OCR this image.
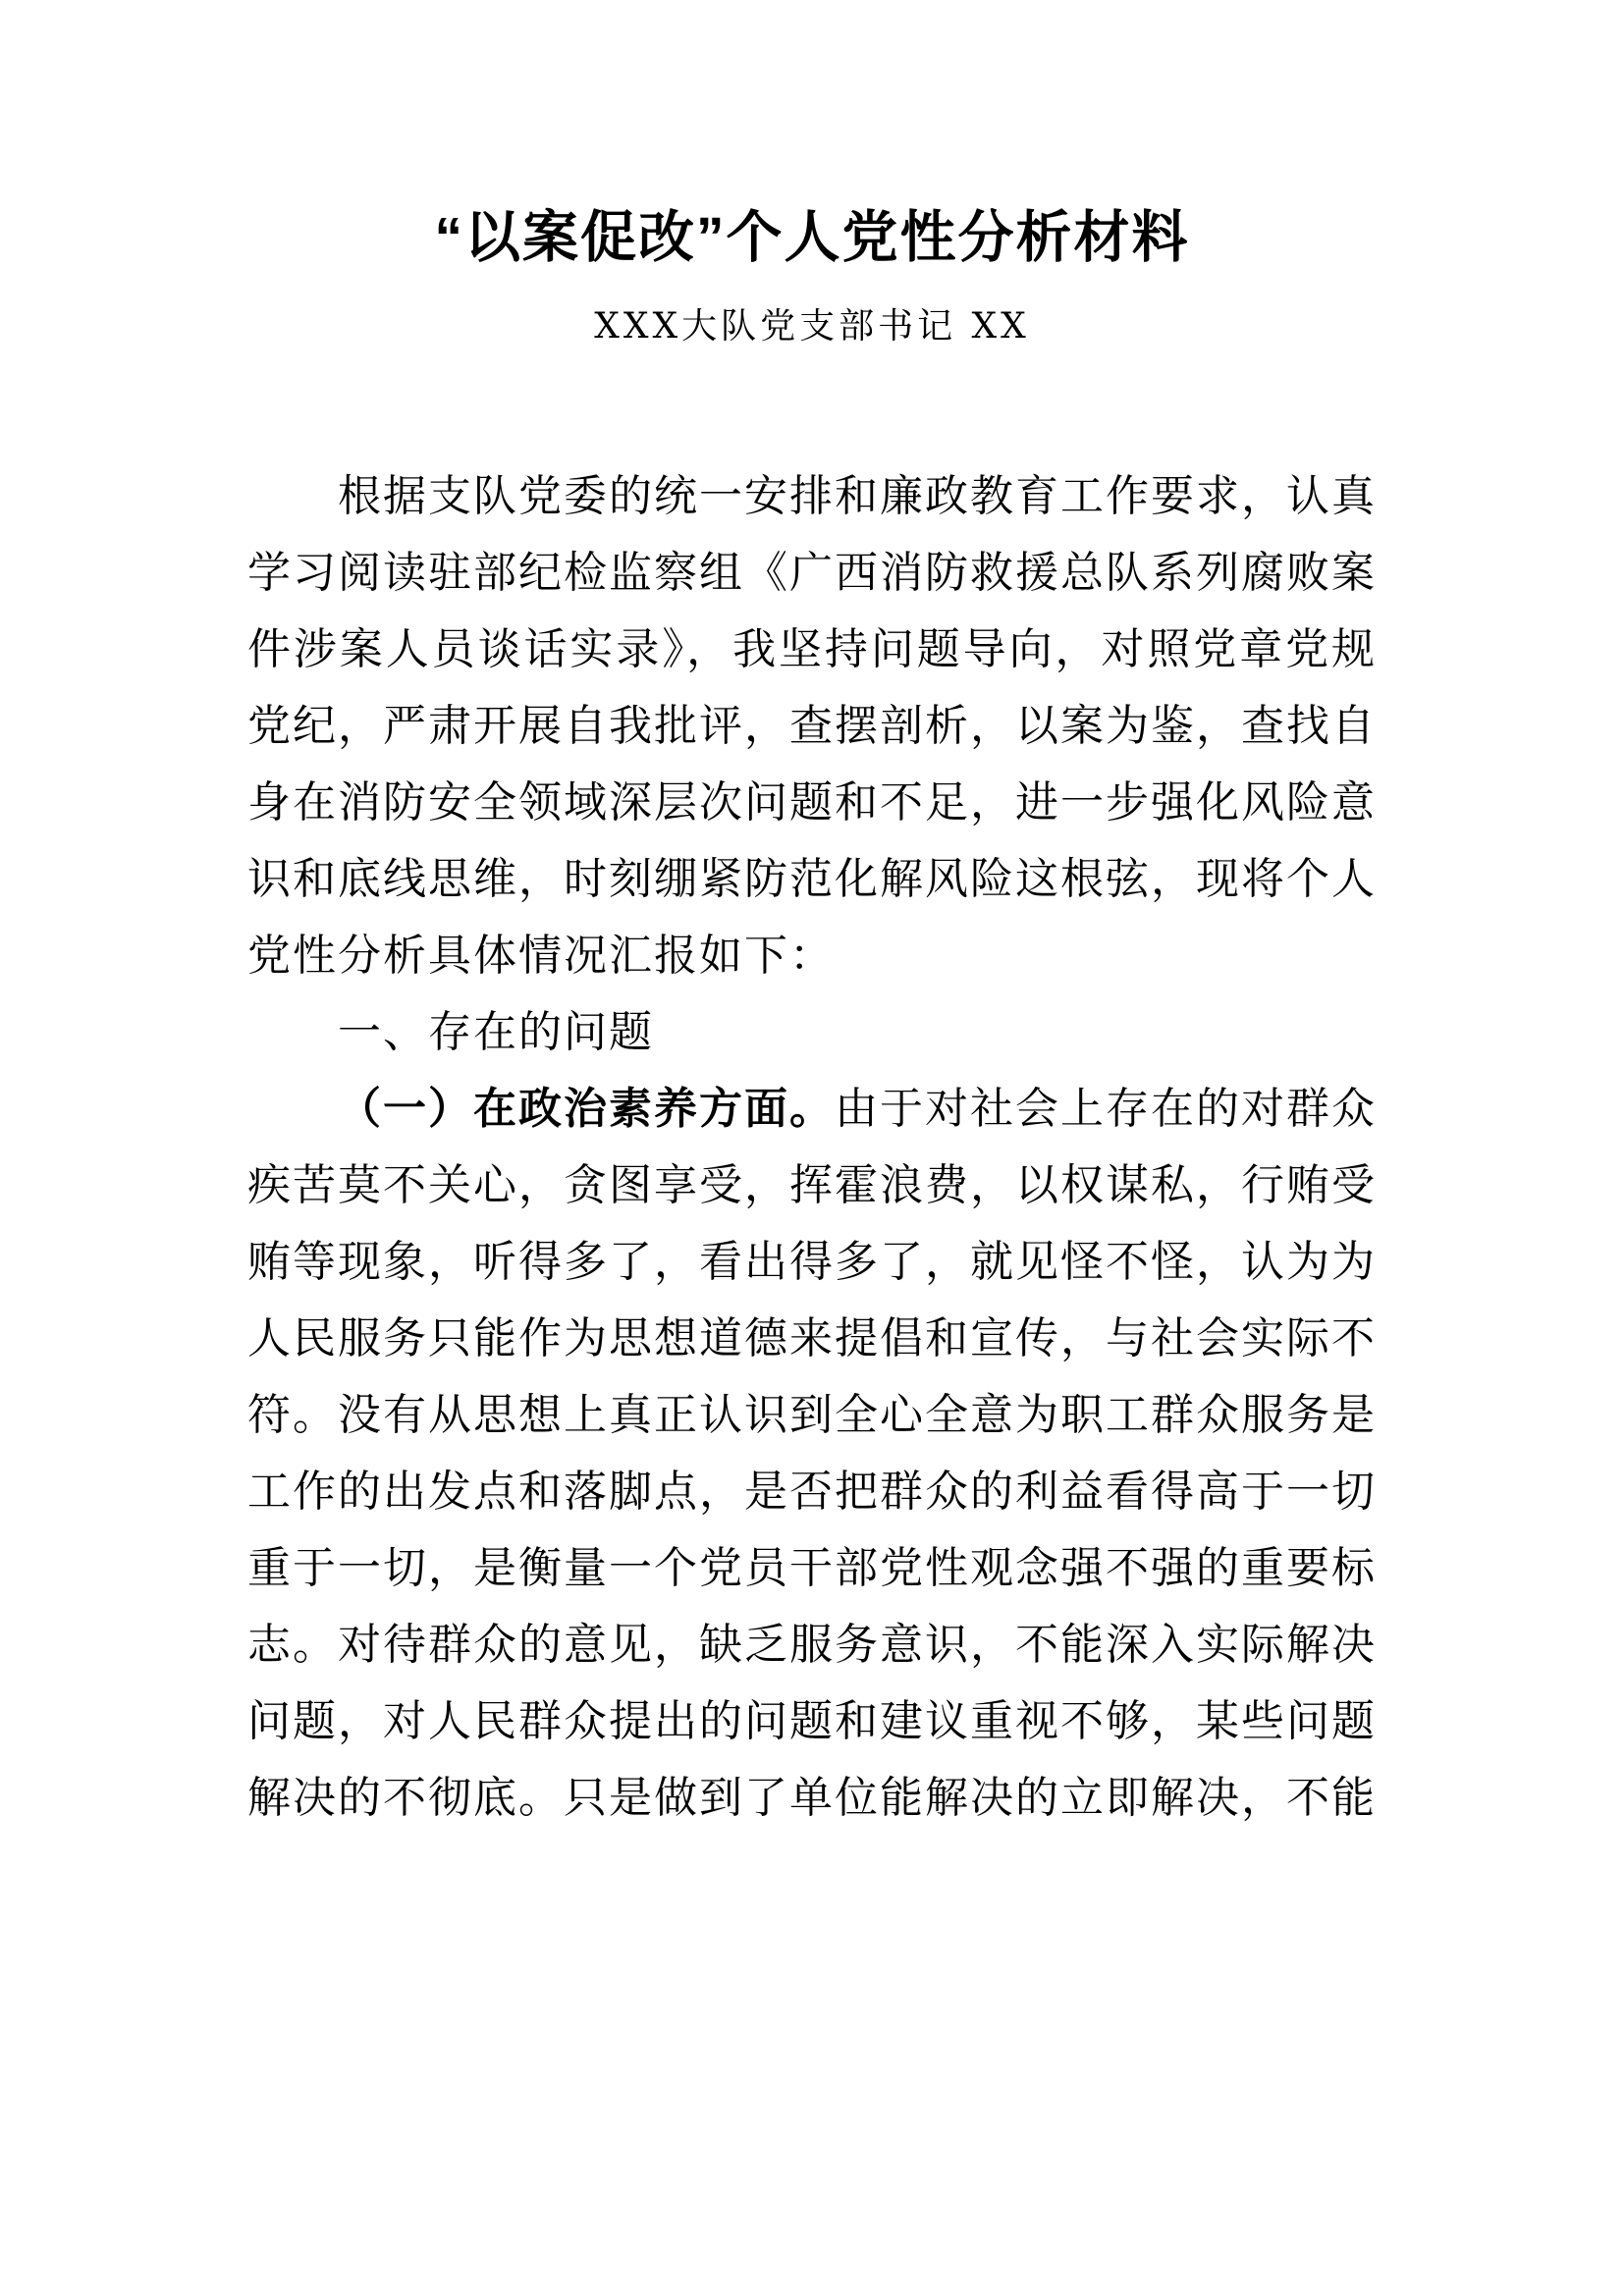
“以案促改”个人党性分析材料
XXX大队党支部书记 XX

根据支队党委的统一安排和廉政教育工作要求，认真学习阅读驻部纪检监察组《广西消防救援总队系列腐败案件涉案人员谈话实录》，我坚持问题导向，对照党章党规党纪，严肃开展自我批评，查摆剖析，以案为鉴，查找自身在消防安全领域深层次问题和不足，进一步强化风险意识和底线思维，时刻绷紧防范化解风险这根弦，现将个人党性分析具体情况汇报如下：

一、存在的问题

（一）在政治素养方面。由于对社会上存在的对群众疾苦莫不关心，贪图享受，挥霍浪费，以权谋私，行贿受贿等现象，听得多了，看出得多了，就见怪不怪，认为为人民服务只能作为思想道德来提倡和宣传，与社会实际不符。没有从思想上真正认识到全心全意为职工群众服务是工作的出发点和落脚点，是否把群众的利益看得高于一切重于一切，是衡量一个党员干部党性观念强不强的重要标志。对待群众的意见，缺乏服务意识，不能深入实际解决问题，对人民群众提出的问题和建议重视不够，某些问题解决的不彻底。只是做到了单位能解决的立即解决，不能
